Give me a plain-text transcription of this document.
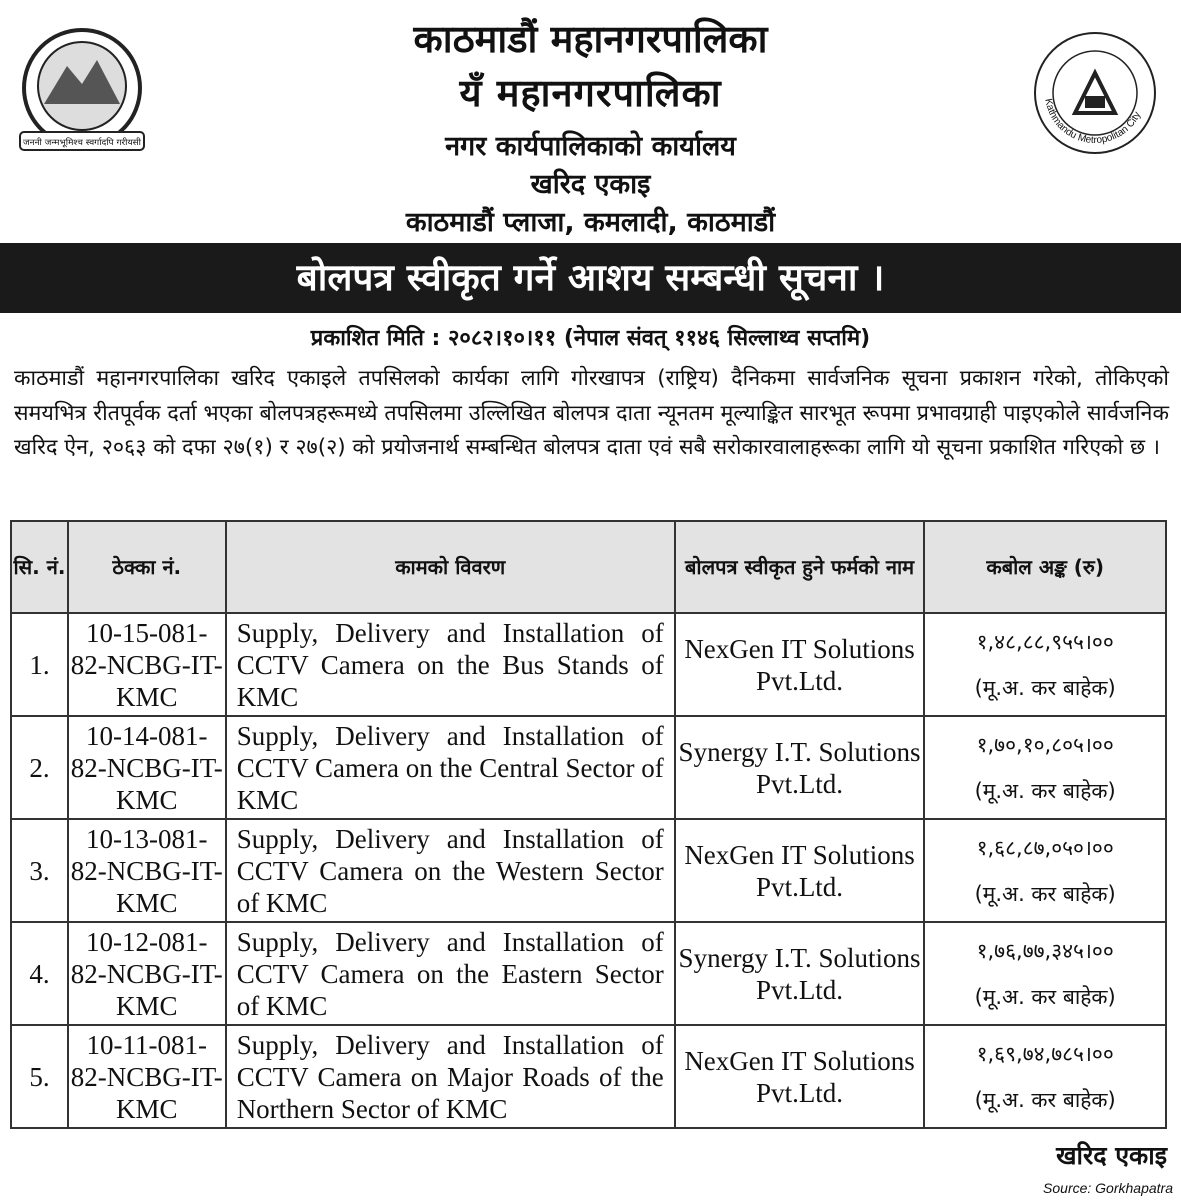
जननी जन्मभूमिश्च स्वर्गादपि गरीयसी
काठमाडौं महानगरपालिका
यँ महानगरपालिका
नगर कार्यपालिकाको कार्यालय
खरिद एकाइ
काठमाडौं प्लाजा, कमलादी, काठमाडौं
Kathmandu Metropolitan City
बोलपत्र स्वीकृत गर्ने आशय सम्बन्धी सूचना ।
प्रकाशित मिति : २०८२।१०।११ (नेपाल संवत् ११४६ सिल्लाथ्व सप्तमि)
काठमाडौं महानगरपालिका खरिद एकाइले तपसिलको कार्यका लागि गोरखापत्र (राष्ट्रिय) दैनिकमा सार्वजनिक सूचना प्रकाशन गरेको, तोकिएको समयभित्र रीतपूर्वक दर्ता भएका बोलपत्रहरूमध्ये तपसिलमा उल्लिखित बोलपत्र दाता न्यूनतम मूल्याङ्कित सारभूत रूपमा प्रभावग्राही पाइएकोले सार्वजनिक खरिद ऐन, २०६३ को दफा २७(१) र २७(२) को प्रयोजनार्थ सम्बन्धित बोलपत्र दाता एवं सबै सरोकारवालाहरूका लागि यो सूचना प्रकाशित गरिएको छ ।
सि. नं.	ठेक्का नं.	कामको विवरण	बोलपत्र स्वीकृत हुने फर्मको नाम	कबोल अङ्क (रु)
1.	10-15-081-82-NCBG-IT-KMC	Supply, Delivery and Installation of CCTV Camera on the Bus Stands of KMC	NexGen IT Solutions Pvt.Ltd.	१,४८,८८,९५५।००
(मू.अ. कर बाहेक)

2.	10-14-081-82-NCBG-IT-KMC	Supply, Delivery and Installation of CCTV Camera on the Central Sector of KMC	Synergy I.T. Solutions Pvt.Ltd.	१,७०,१०,८०५।००
(मू.अ. कर बाहेक)

3.	10-13-081-82-NCBG-IT-KMC	Supply, Delivery and Installation of CCTV Camera on the Western Sector of KMC	NexGen IT Solutions Pvt.Ltd.	१,६८,८७,०५०।००
(मू.अ. कर बाहेक)

4.	10-12-081-82-NCBG-IT-KMC	Supply, Delivery and Installation of CCTV Camera on the Eastern Sector of KMC	Synergy I.T. Solutions Pvt.Ltd.	१,७६,७७,३४५।००
(मू.अ. कर बाहेक)

5.	10-11-081-82-NCBG-IT-KMC	Supply, Delivery and Installation of CCTV Camera on Major Roads of the Northern Sector of KMC	NexGen IT Solutions Pvt.Ltd.	१,६९,७४,७८५।००
(मू.अ. कर बाहेक)
खरिद एकाइ
Source: Gorkhapatra
